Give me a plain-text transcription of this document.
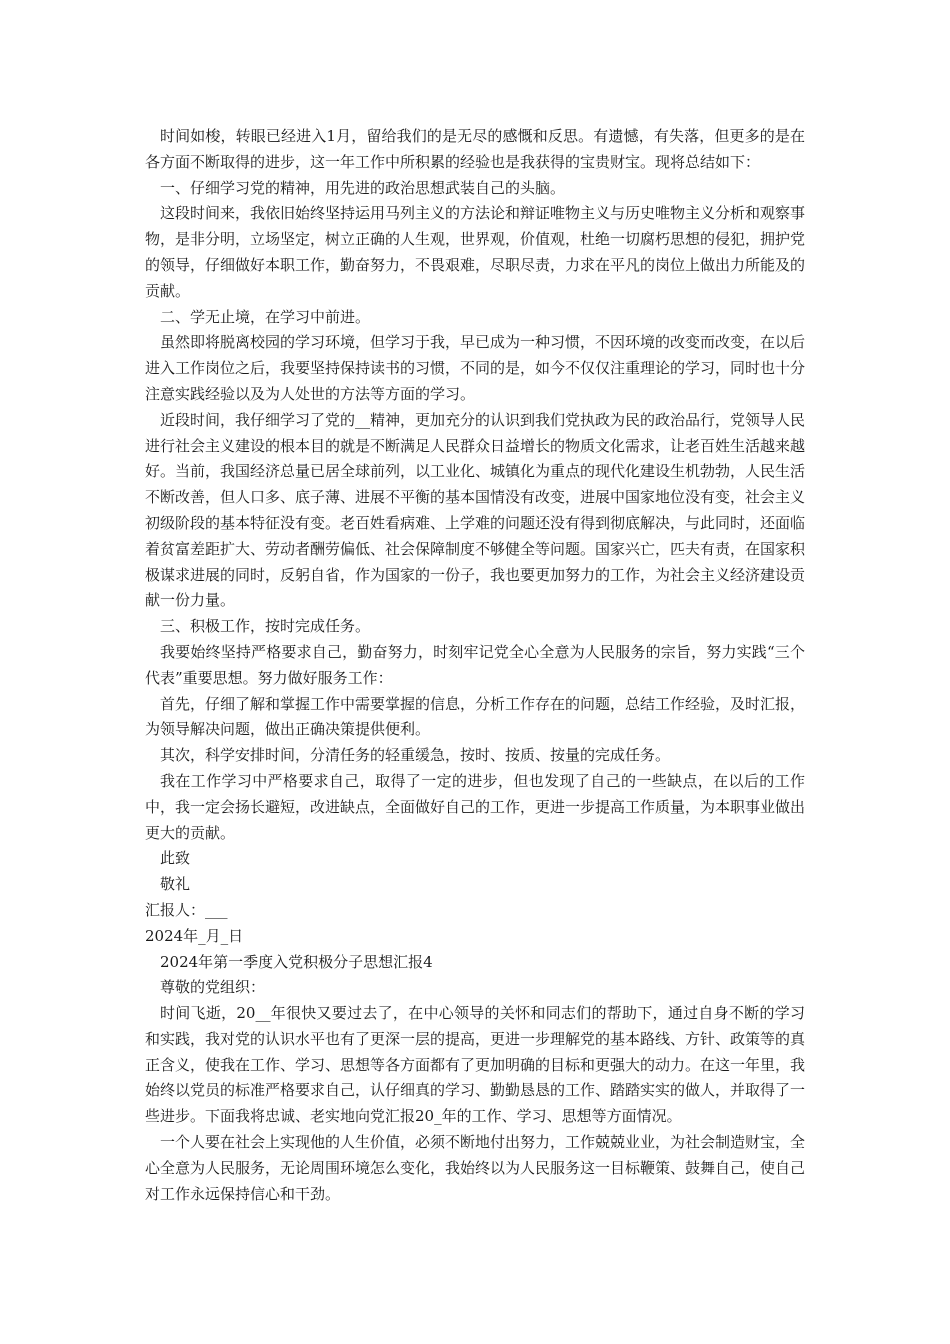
时间如梭，转眼已经进入1月，留给我们的是无尽的感慨和反思。有遗憾，有失落，但更多的是在各方面不断取得的进步，这一年工作中所积累的经验也是我获得的宝贵财宝。现将总结如下：

一、仔细学习党的精神，用先进的政治思想武装自己的头脑。

这段时间来，我依旧始终坚持运用马列主义的方法论和辩证唯物主义与历史唯物主义分析和观察事物，是非分明，立场坚定，树立正确的人生观，世界观，价值观，杜绝一切腐朽思想的侵犯，拥护党的领导，仔细做好本职工作，勤奋努力，不畏艰难，尽职尽责，力求在平凡的岗位上做出力所能及的贡献。

二、学无止境，在学习中前进。

虽然即将脱离校园的学习环境，但学习于我，早已成为一种习惯，不因环境的改变而改变，在以后进入工作岗位之后，我要坚持保持读书的习惯，不同的是，如今不仅仅注重理论的学习，同时也十分注意实践经验以及为人处世的方法等方面的学习。

近段时间，我仔细学习了党的__精神，更加充分的认识到我们党执政为民的政治品行，党领导人民进行社会主义建设的根本目的就是不断满足人民群众日益增长的物质文化需求，让老百姓生活越来越好。当前，我国经济总量已居全球前列，以工业化、城镇化为重点的现代化建设生机勃勃，人民生活不断改善，但人口多、底子薄、进展不平衡的基本国情没有改变，进展中国家地位没有变，社会主义初级阶段的基本特征没有变。老百姓看病难、上学难的问题还没有得到彻底解决，与此同时，还面临着贫富差距扩大、劳动者酬劳偏低、社会保障制度不够健全等问题。国家兴亡，匹夫有责，在国家积极谋求进展的同时，反躬自省，作为国家的一份子，我也要更加努力的工作，为社会主义经济建设贡献一份力量。

三、积极工作，按时完成任务。

我要始终坚持严格要求自己，勤奋努力，时刻牢记党全心全意为人民服务的宗旨，努力实践“三个代表”重要思想。努力做好服务工作：

首先，仔细了解和掌握工作中需要掌握的信息，分析工作存在的问题，总结工作经验，及时汇报，为领导解决问题，做出正确决策提供便利。

其次，科学安排时间，分清任务的轻重缓急，按时、按质、按量的完成任务。

我在工作学习中严格要求自己，取得了一定的进步，但也发现了自己的一些缺点，在以后的工作中，我一定会扬长避短，改进缺点，全面做好自己的工作，更进一步提高工作质量，为本职事业做出更大的贡献。

此致

敬礼

汇报人：___

2024年_月_日

2024年第一季度入党积极分子思想汇报4

尊敬的党组织：

时间飞逝，20__年很快又要过去了，在中心领导的关怀和同志们的帮助下，通过自身不断的学习和实践，我对党的认识水平也有了更深一层的提高，更进一步理解党的基本路线、方针、政策等的真正含义，使我在工作、学习、思想等各方面都有了更加明确的目标和更强大的动力。在这一年里，我始终以党员的标准严格要求自己，认仔细真的学习、勤勤恳恳的工作、踏踏实实的做人，并取得了一些进步。下面我将忠诚、老实地向党汇报20_年的工作、学习、思想等方面情况。

一个人要在社会上实现他的人生价值，必须不断地付出努力，工作兢兢业业，为社会制造财宝，全心全意为人民服务，无论周围环境怎么变化，我始终以为人民服务这一目标鞭策、鼓舞自己，使自己对工作永远保持信心和干劲。
